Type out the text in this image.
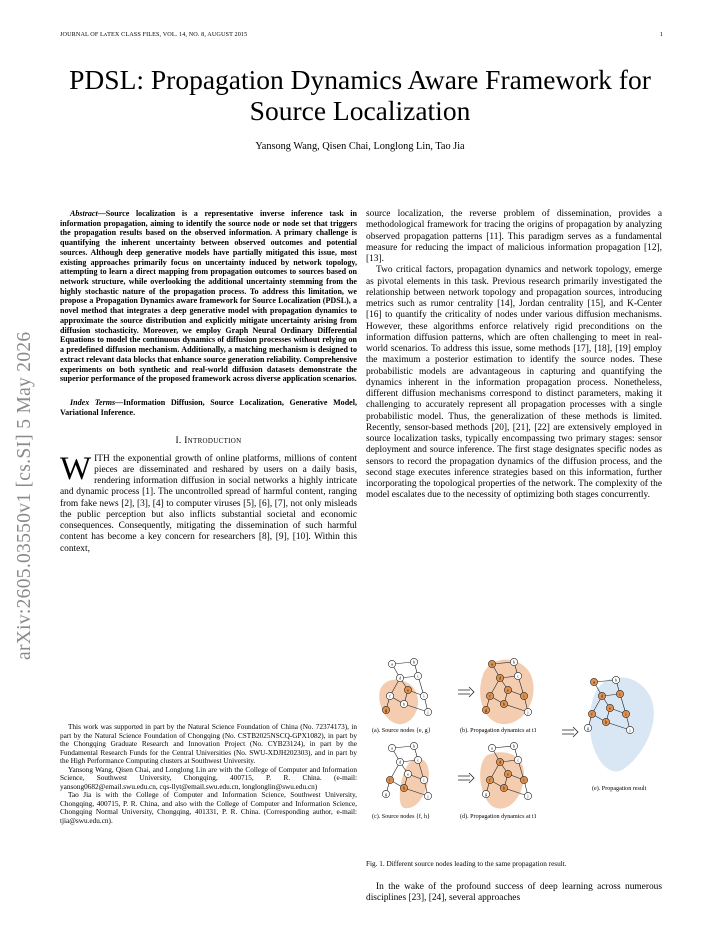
JOURNAL OF LᴀTEX CLASS FILES, VOL. 14, NO. 8, AUGUST 2015	1
arXiv:2605.03550v1 [cs.SI] 5 May 2026
PDSL: Propagation Dynamics Aware Framework for Source Localization
Yansong Wang, Qisen Chai, Longlong Lin, Tao Jia

Abstract—Source localization is a representative inverse inference task in information propagation, aiming to identify the source node or node set that triggers the propagation results based on the observed information. A primary challenge is quantifying the inherent uncertainty between observed outcomes and potential sources. Although deep generative models have partially mitigated this issue, most existing approaches primarily focus on uncertainty induced by network topology, attempting to learn a direct mapping from propagation outcomes to sources based on network structure, while overlooking the additional uncertainty stemming from the highly stochastic nature of the propagation process. To address this limitation, we propose a Propagation Dynamics aware framework for Source Localization (PDSL), a novel method that integrates a deep generative model with propagation dynamics to approximate the source distribution and explicitly mitigate uncertainty arising from diffusion stochasticity. Moreover, we employ Graph Neural Ordinary Differential Equations to model the continuous dynamics of diffusion processes without relying on a predefined diffusion mechanism. Additionally, a matching mechanism is designed to extract relevant data blocks that enhance source generation reliability. Comprehensive experiments on both synthetic and real-world diffusion datasets demonstrate the superior performance of the proposed framework across diverse application scenarios.

Index Terms—Information Diffusion, Source Localization, Generative Model, Variational Inference.

I. Introduction

WITH the exponential growth of online platforms, millions of content pieces are disseminated and reshared by users on a daily basis, rendering information diffusion in social networks a highly intricate and dynamic process [1]. The uncontrolled spread of harmful content, ranging from fake news [2], [3], [4] to computer viruses [5], [6], [7], not only misleads the public perception but also inflicts substantial societal and economic consequences. Consequently, mitigating the dissemination of such harmful content has become a key concern for researchers [8], [9], [10]. Within this context,

This work was supported in part by the Natural Science Foundation of China (No. 72374173), in part by the Natural Science Foundation of Chongqing (No. CSTB2025NSCQ-GPX1082), in part by the Chongqing Graduate Research and Innovation Project (No. CYB23124), in part by the Fundamental Research Funds for the Central Universities (No. SWU-XDJH202303), and in part by the High Performance Computing clusters at Southwest University.

Yansong Wang, Qisen Chai, and Longlong Lin are with the College of Computer and Information Science, Southwest University, Chongqing, 400715, P. R. China. (e-mail: yansong0682@email.swu.edu.cn, cqs-llyt@email.swu.edu.cn, longlonglin@swu.edu.cn)

Tao Jia is with the College of Computer and Information Science, Southwest University, Chongqing, 400715, P. R. China, and also with the College of Computer and Information Science, Chongqing Normal University, Chongqing, 401331, P. R. China. (Corresponding author, e-mail: tjia@swu.edu.cn).

source localization, the reverse problem of dissemination, provides a methodological framework for tracing the origins of propagation by analyzing observed propagation patterns [11]. This paradigm serves as a fundamental measure for reducing the impact of malicious information propagation [12], [13].

Two critical factors, propagation dynamics and network topology, emerge as pivotal elements in this task. Previous research primarily investigated the relationship between network topology and propagation sources, introducing metrics such as rumor centrality [14], Jordan centrality [15], and K-Center [16] to quantify the criticality of nodes under various diffusion mechanisms. However, these algorithms enforce relatively rigid preconditions on the information diffusion patterns, which are often challenging to meet in real-world scenarios. To address this issue, some methods [17], [18], [19] employ the maximum a posterior estimation to identify the source nodes. These probabilistic models are advantageous in capturing and quantifying the dynamics inherent in the information propagation process. Nonetheless, different diffusion mechanisms correspond to distinct parameters, making it challenging to accurately represent all propagation processes with a single probabilistic model. Thus, the generalization of these methods is limited. Recently, sensor-based methods [20], [21], [22] are extensively employed in source localization tasks, typically encompassing two primary stages: sensor deployment and source inference. The first stage designates specific nodes as sensors to record the propagation dynamics of the diffusion process, and the second stage executes inference strategies based on this information, further incorporating the topological properties of the network. The complexity of the model escalates due to the necessity of optimizing both stages concurrently.

a	b
c
d
e
f
g
h
i
j
a	b
c
d
e
f
g
h
i
j
a	b
c
d
e
f
g
h
i
j
a	b
c
d
e
f
g
h
i
j
a	b
c
d
e
f
g
h
i
j
(a). Source nodes {e, g}	(b). Propagation dynamics at t1
(c). Source nodes {f, h}	(d). Propagation dynamics at t1
(e). Propagation result
Fig. 1. Different source nodes leading to the same propagation result.
In the wake of the profound success of deep learning across numerous disciplines [23], [24], several approaches
